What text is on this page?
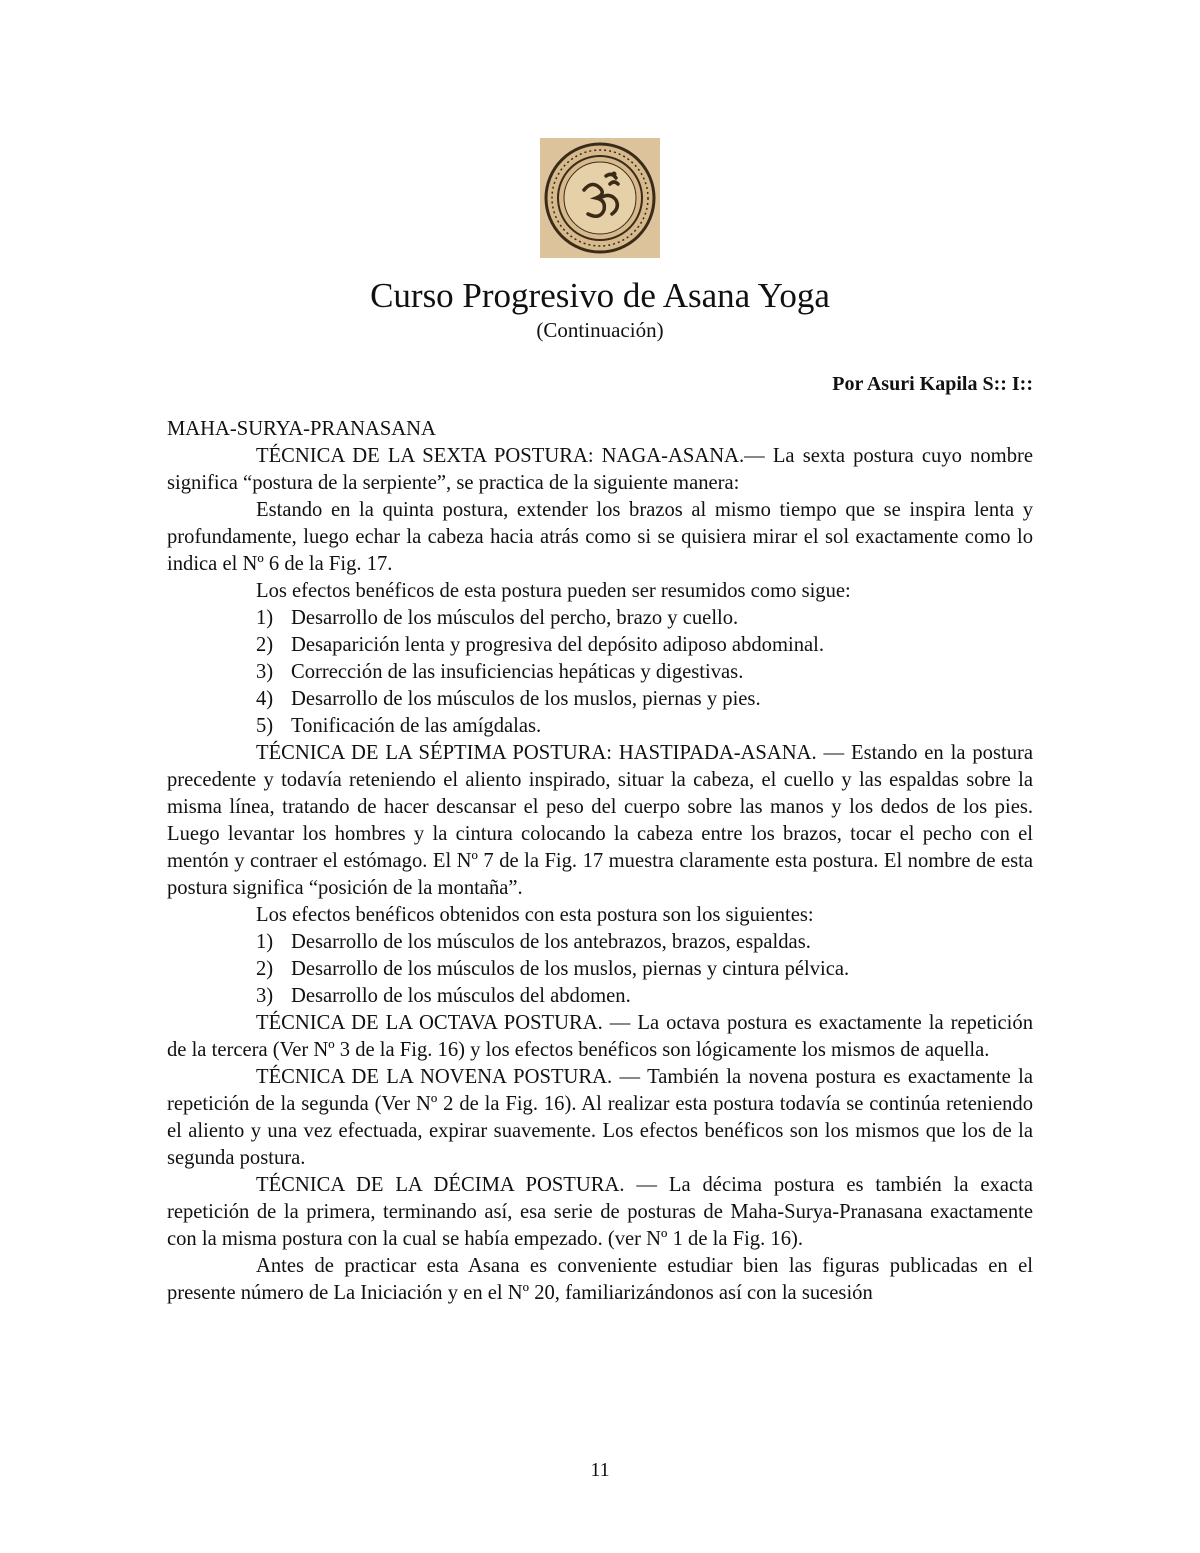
Curso Progresivo de Asana Yoga
(Continuación)
Por Asuri Kapila S:: I::

MAHA-SURYA-PRANASANA

TÉCNICA DE LA SEXTA POSTURA: NAGA-ASANA.— La sexta postura cuyo nombre significa “postura de la serpiente”, se practica de la siguiente manera:

Estando en la quinta postura, extender los brazos al mismo tiempo que se inspira lenta y profundamente, luego echar la cabeza hacia atrás como si se quisiera mirar el sol exactamente como lo indica el Nº 6 de la Fig. 17.

Los efectos benéficos de esta postura pueden ser resumidos como sigue:

1) Desarrollo de los músculos del percho, brazo y cuello.
2) Desaparición lenta y progresiva del depósito adiposo abdominal.
3) Corrección de las insuficiencias hepáticas y digestivas.
4) Desarrollo de los músculos de los muslos, piernas y pies.
5) Tonificación de las amígdalas.

TÉCNICA DE LA SÉPTIMA POSTURA: HASTIPADA-ASANA. — Estando en la postura precedente y todavía reteniendo el aliento inspirado, situar la cabeza, el cuello y las espaldas sobre la misma línea, tratando de hacer descansar el peso del cuerpo sobre las manos y los dedos de los pies. Luego levantar los hombres y la cintura colocando la cabeza entre los brazos, tocar el pecho con el mentón y contraer el estómago. El Nº 7 de la Fig. 17 muestra claramente esta postura. El nombre de esta postura significa “posición de la montaña”.

Los efectos benéficos obtenidos con esta postura son los siguientes:

1) Desarrollo de los músculos de los antebrazos, brazos, espaldas.
2) Desarrollo de los músculos de los muslos, piernas y cintura pélvica.
3) Desarrollo de los músculos del abdomen.

TÉCNICA DE LA OCTAVA POSTURA. — La octava postura es exactamente la repetición de la tercera (Ver Nº 3 de la Fig. 16) y los efectos benéficos son lógicamente los mismos de aquella.

TÉCNICA DE LA NOVENA POSTURA. — También la novena postura es exactamente la repetición de la segunda (Ver Nº 2 de la Fig. 16). Al realizar esta postura todavía se continúa reteniendo el aliento y una vez efectuada, expirar suavemente. Los efectos benéficos son los mismos que los de la segunda postura.

TÉCNICA DE LA DÉCIMA POSTURA. — La décima postura es también la exacta repetición de la primera, terminando así, esa serie de posturas de Maha-Surya-Pranasana exactamente con la misma postura con la cual se había empezado. (ver Nº 1 de la Fig. 16).

Antes de practicar esta Asana es conveniente estudiar bien las figuras publicadas en el presente número de La Iniciación y en el Nº 20, familiarizándonos así con la sucesión

11
